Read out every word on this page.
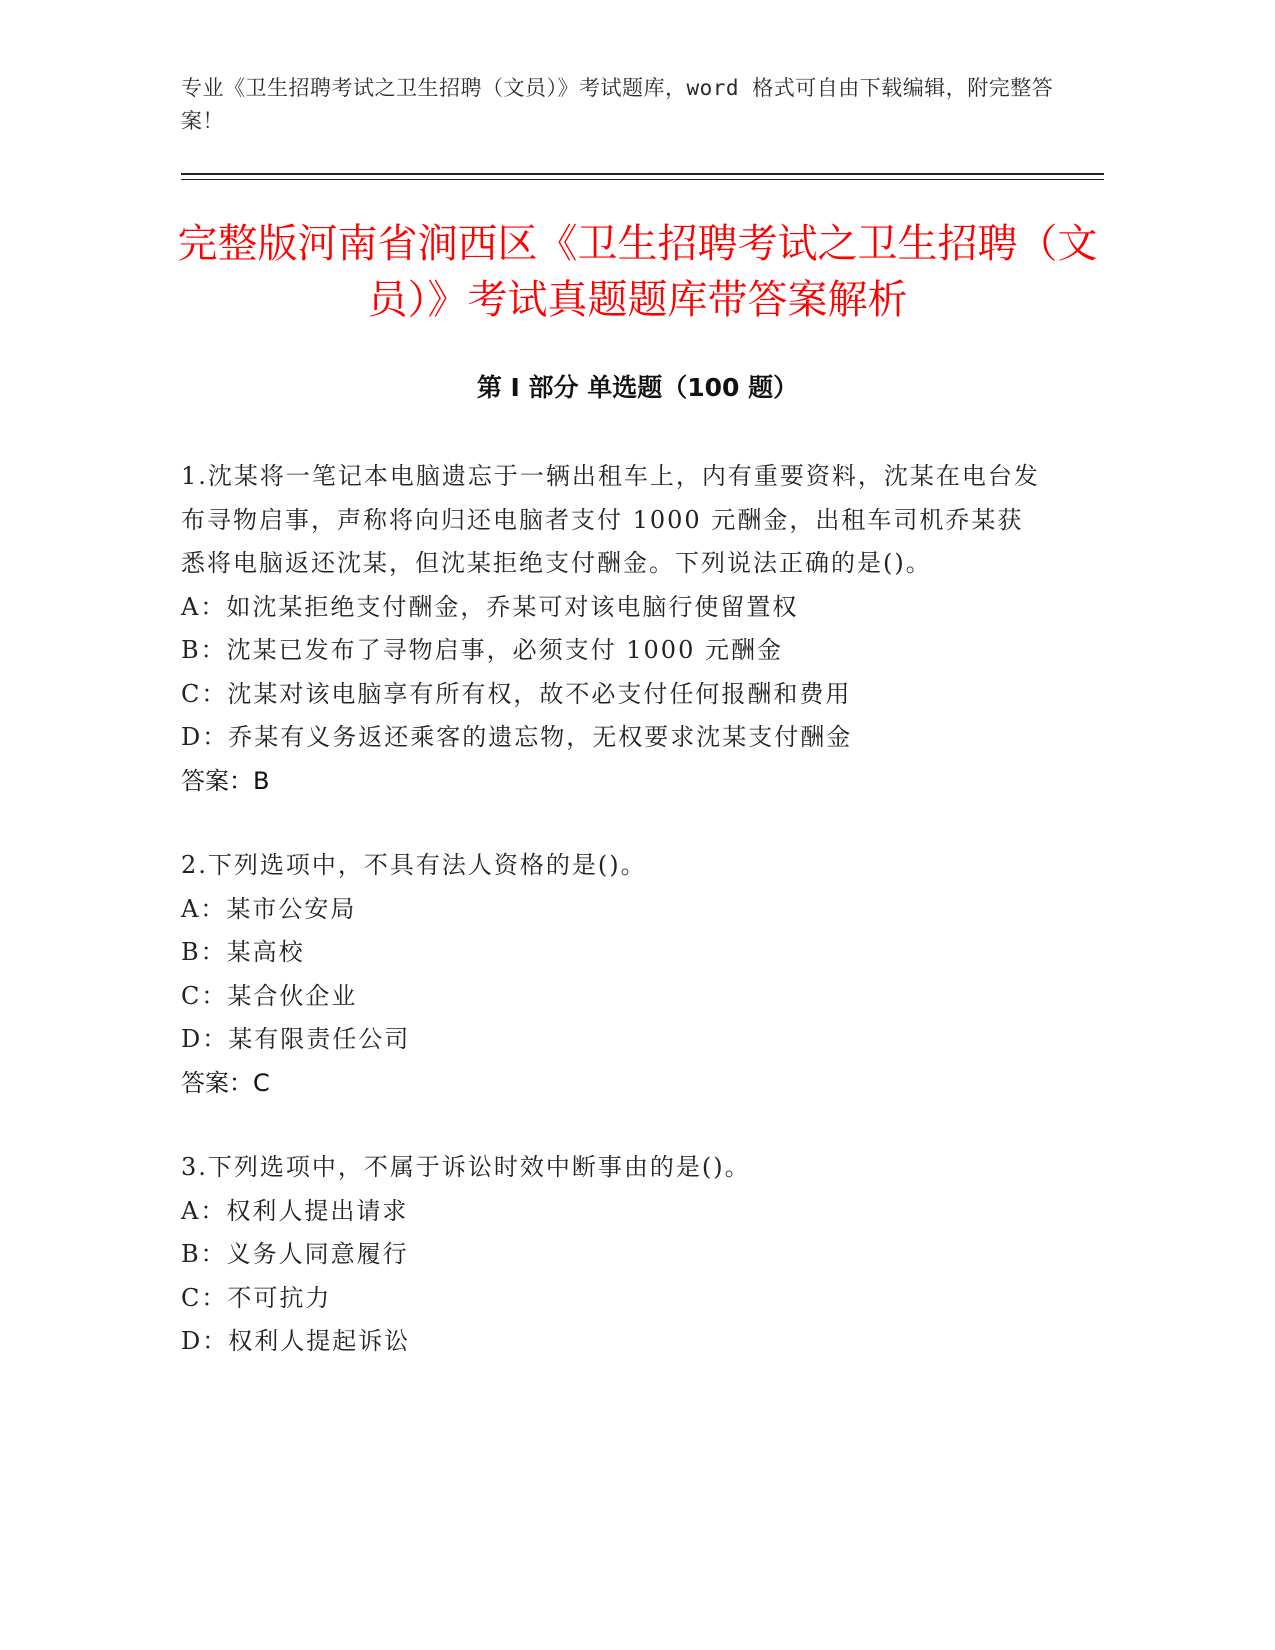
专业《卫生招聘考试之卫生招聘（文员）》考试题库，word 格式可自由下载编辑，附完整答案！
完整版河南省涧西区《卫生招聘考试之卫生招聘（文员）》考试真题题库带答案解析
第 I 部分 单选题（100 题）

1.沈某将一笔记本电脑遗忘于一辆出租车上，内有重要资料，沈某在电台发布寻物启事，声称将向归还电脑者支付 1000 元酬金，出租车司机乔某获悉将电脑返还沈某，但沈某拒绝支付酬金。下列说法正确的是()。

A：如沈某拒绝支付酬金，乔某可对该电脑行使留置权

B：沈某已发布了寻物启事，必须支付 1000 元酬金

C：沈某对该电脑享有所有权，故不必支付任何报酬和费用

D：乔某有义务返还乘客的遗忘物，无权要求沈某支付酬金

答案：B

2.下列选项中，不具有法人资格的是()。

A：某市公安局

B：某高校

C：某合伙企业

D：某有限责任公司

答案：C

3.下列选项中，不属于诉讼时效中断事由的是()。

A：权利人提出请求

B：义务人同意履行

C：不可抗力

D：权利人提起诉讼
